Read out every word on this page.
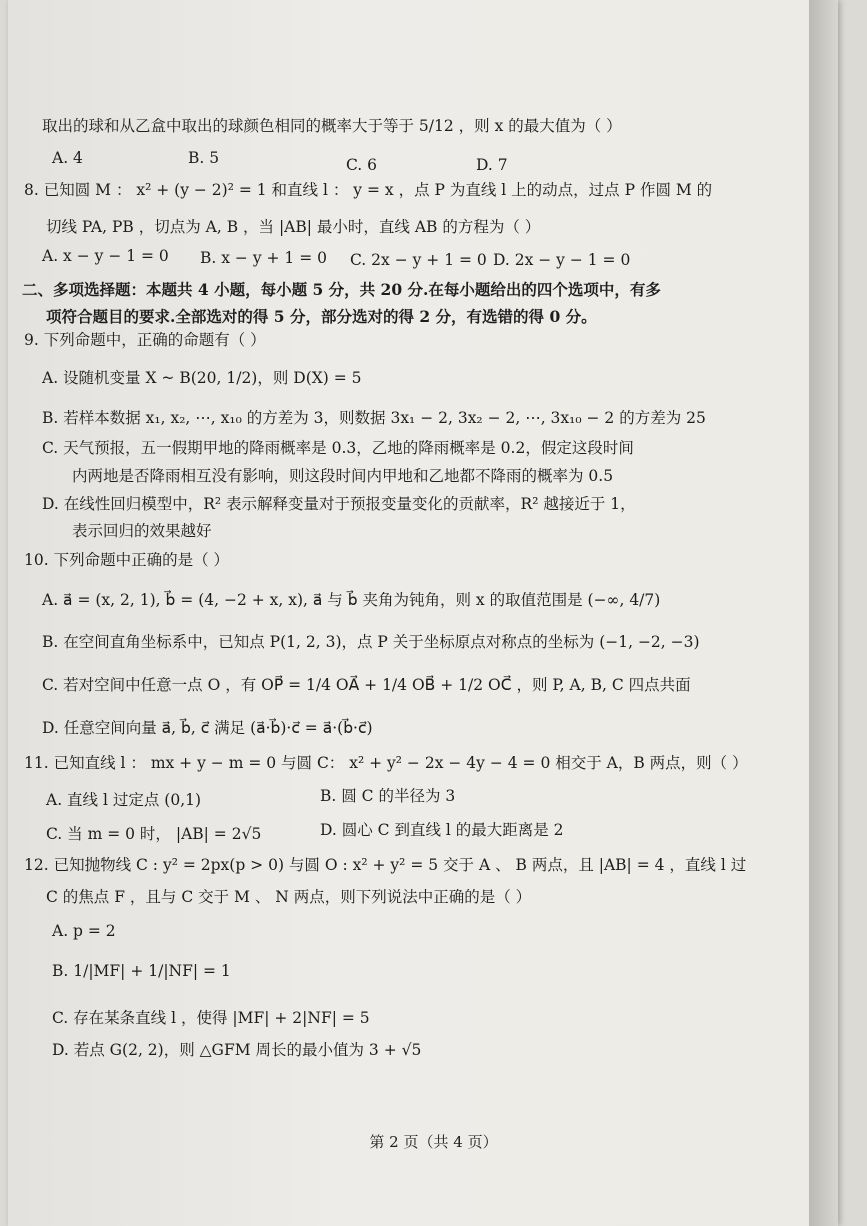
取出的球和从乙盒中取出的球颜色相同的概率大于等于 5/12 ，则 x 的最大值为（ ）
A. 4	B. 5	C. 6	D. 7
8. 已知圆 M ： x² + (y − 2)² = 1 和直线 l ： y = x ，点 P 为直线 l 上的动点，过点 P 作圆 M 的
切线 PA, PB ，切点为 A, B ，当 |AB| 最小时，直线 AB 的方程为（ ）
A. x − y − 1 = 0 B. x − y + 1 = 0 C. 2x − y + 1 = 0 D. 2x − y − 1 = 0
二、多项选择题：本题共 4 小题，每小题 5 分，共 20 分.在每小题给出的四个选项中，有多
项符合题目的要求.全部选对的得 5 分，部分选对的得 2 分，有选错的得 0 分。
9. 下列命题中，正确的命题有（ ）
A. 设随机变量 X ~ B(20, 1/2)，则 D(X) = 5
B. 若样本数据 x₁, x₂, ⋯, x₁₀ 的方差为 3，则数据 3x₁ − 2, 3x₂ − 2, ⋯, 3x₁₀ − 2 的方差为 25
C. 天气预报，五一假期甲地的降雨概率是 0.3，乙地的降雨概率是 0.2，假定这段时间
内两地是否降雨相互没有影响，则这段时间内甲地和乙地都不降雨的概率为 0.5
D. 在线性回归模型中，R² 表示解释变量对于预报变量变化的贡献率，R² 越接近于 1，
表示回归的效果越好
10. 下列命题中正确的是（ ）
A. a⃗ = (x, 2, 1), b⃗ = (4, −2 + x, x), a⃗ 与 b⃗ 夹角为钝角，则 x 的取值范围是 (−∞, 4/7)
B. 在空间直角坐标系中，已知点 P(1, 2, 3)，点 P 关于坐标原点对称点的坐标为 (−1, −2, −3)
C. 若对空间中任意一点 O ，有 OP⃗ = 1/4 OA⃗ + 1/4 OB⃗ + 1/2 OC⃗ ，则 P, A, B, C 四点共面
D. 任意空间向量 a⃗, b⃗, c⃗ 满足 (a⃗·b⃗)·c⃗ = a⃗·(b⃗·c⃗)
11. 已知直线 l ： mx + y − m = 0 与圆 C： x² + y² − 2x − 4y − 4 = 0 相交于 A，B 两点，则（ ）
A. 直线 l 过定点 (0,1)	B. 圆 C 的半径为 3
C. 当 m = 0 时， |AB| = 2√5	D. 圆心 C 到直线 l 的最大距离是 2
12. 已知抛物线 C : y² = 2px(p > 0) 与圆 O : x² + y² = 5 交于 A 、 B 两点，且 |AB| = 4 ，直线 l 过
C 的焦点 F ，且与 C 交于 M 、 N 两点，则下列说法中正确的是（ ）
A. p = 2
B. 1/|MF| + 1/|NF| = 1
C. 存在某条直线 l ，使得 |MF| + 2|NF| = 5
D. 若点 G(2, 2)，则 △GFM 周长的最小值为 3 + √5
第 2 页（共 4 页）
